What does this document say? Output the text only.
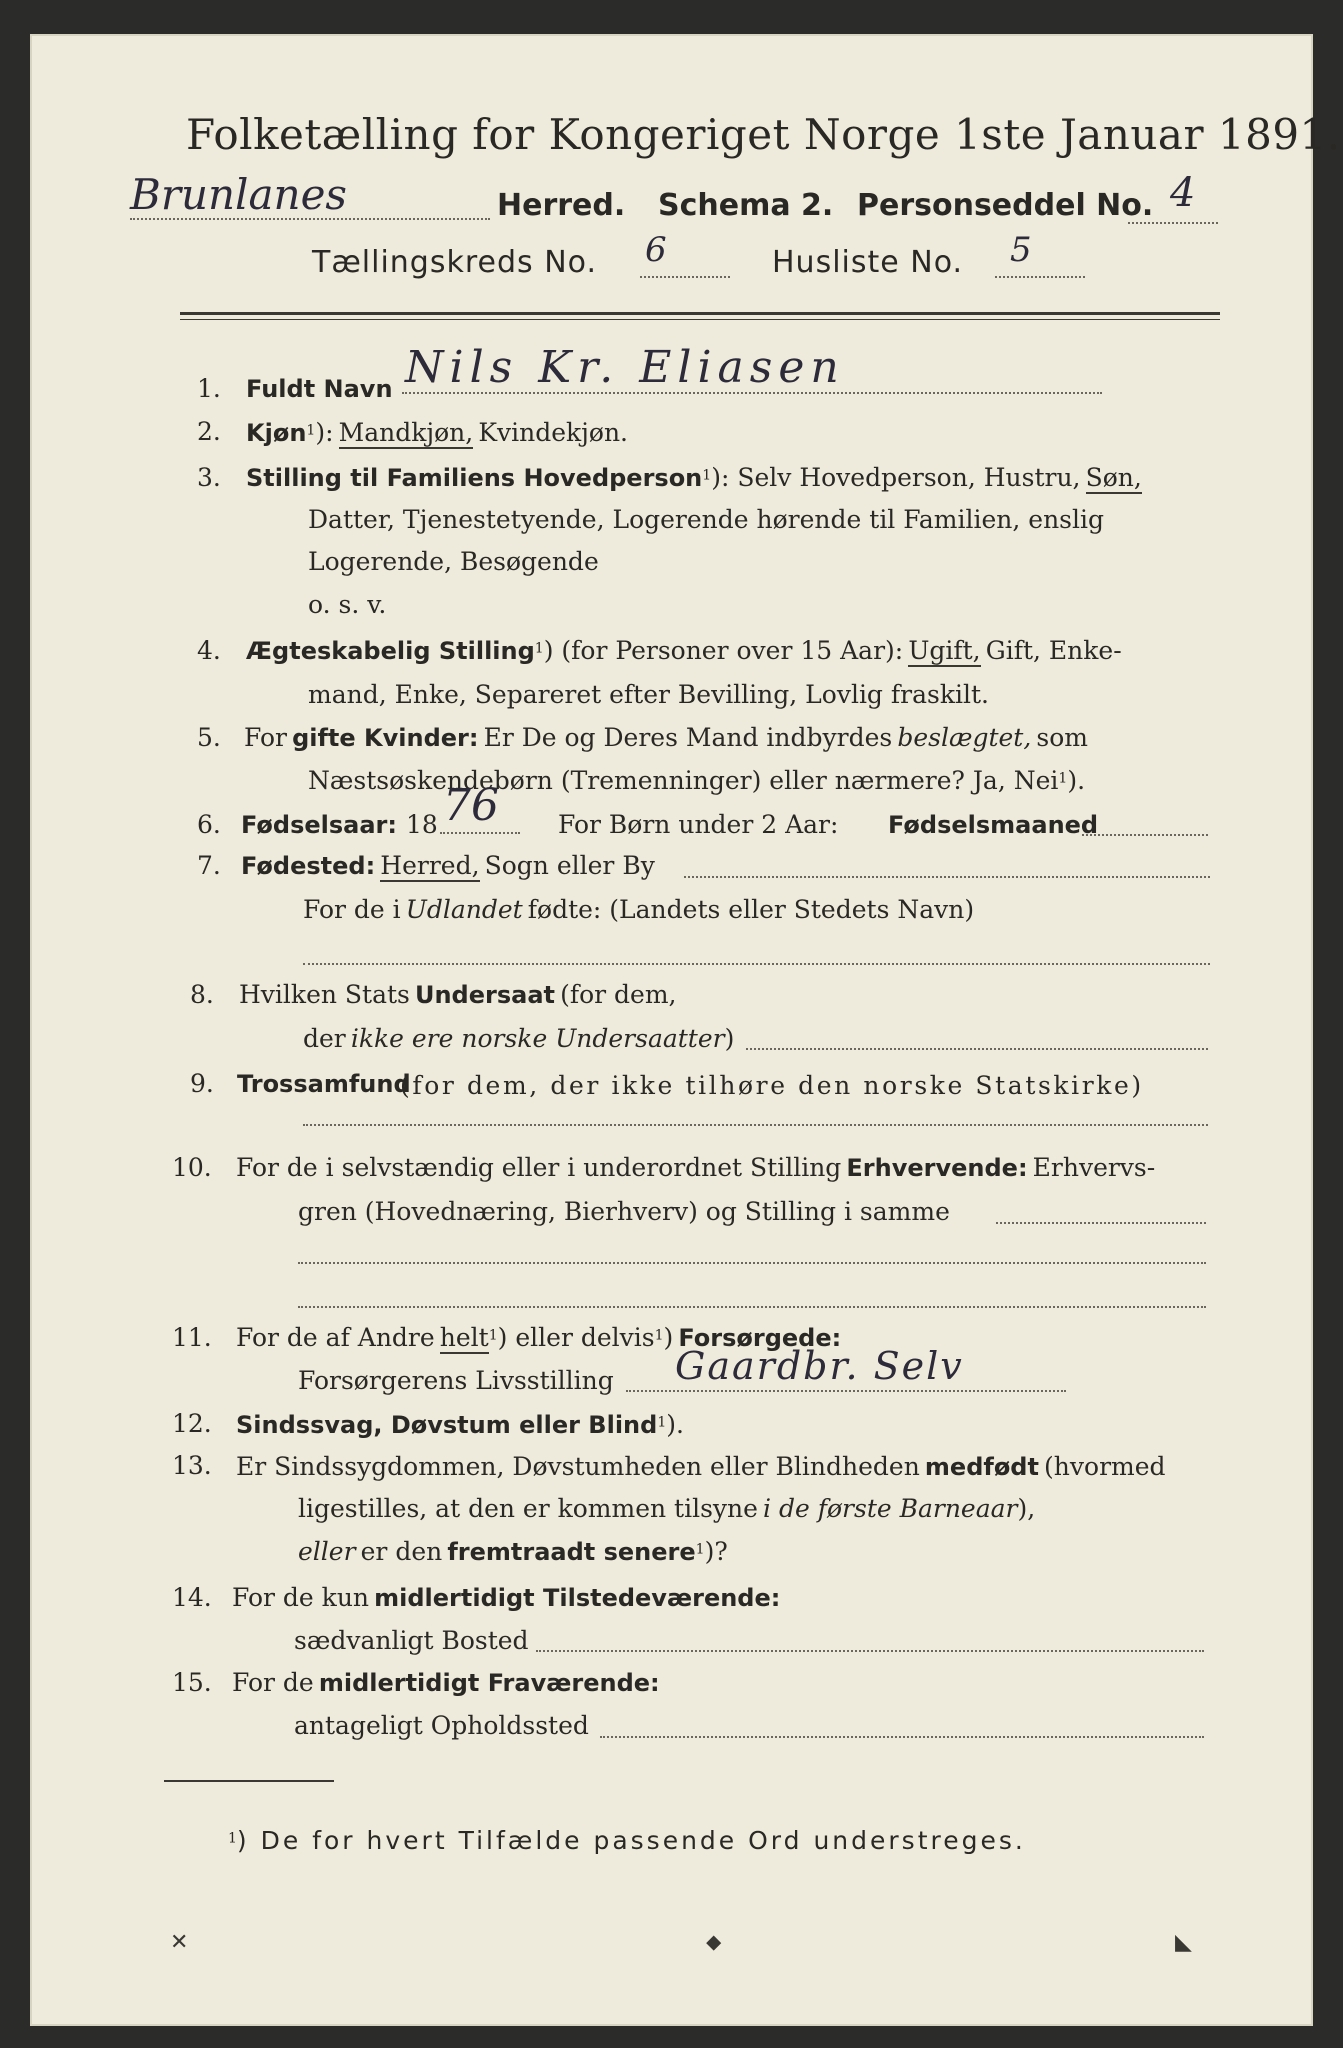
Folketælling for Kongeriget Norge 1ste Januar 1891.
Brunlanes	Herred. Schema 2. Personseddel No. 4
Tællingskreds No. 6	Husliste No. 5
1. Fuldt Navn Nils Kr. Eliasen
2. Kjøn$^1$): Mandkjøn, Kvindekjøn.
3. Stilling til Familiens Hovedperson$^1$): Selv Hovedperson, Hustru, Søn,
Datter, Tjenestetyende, Logerende hørende til Familien, enslig
Logerende, Besøgende
o. s. v.
4. Ægteskabelig Stilling$^1$) (for Personer over 15 Aar): Ugift, Gift, Enke-
mand, Enke, Separeret efter Bevilling, Lovlig fraskilt.
5. For gifte Kvinder: Er De og Deres Mand indbyrdes beslægtet, som
Næstsøskendebørn (Tremenninger) eller nærmere? Ja, Nei$^1$).
6. Fødselsaar: 18 76 For Børn under 2 Aar: Fødselsmaaned
7. Fødested: Herred, Sogn eller By
For de i Udlandet fødte: (Landets eller Stedets Navn)
8. Hvilken Stats Undersaat (for dem,
der ikke ere norske Undersaatter)
9. Trossamfund
(for dem, der ikke tilhøre den norske Statskirke)
10. For de i selvstændig eller i underordnet Stilling Erhvervende: Erhvervs-
gren (Hovednæring, Bierhverv) og Stilling i samme
11. For de af Andre helt$^1$) eller delvis$^1$) Forsørgede:
Forsørgerens Livsstilling Gaardbr. Selv
12. Sindssvag, Døvstum eller Blind$^1$).
13. Er Sindssygdommen, Døvstumheden eller Blindheden medfødt (hvormed
ligestilles, at den er kommen tilsyne i de første Barneaar),
eller er den fremtraadt senere$^1$)?
14. For de kun midlertidigt Tilstedeværende:
sædvanligt Bosted
15. For de midlertidigt Fraværende:
antageligt Opholdssted
$^1$) De for hvert Tilfælde passende Ord understreges.
✕	⬥	◣
